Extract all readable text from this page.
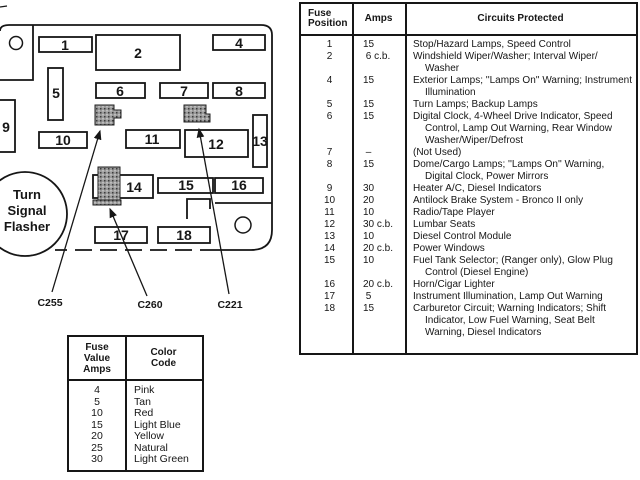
Turn
Signal
Flasher
1	2
4
5	6	7	8
9
10	11	12 13
14	15	16
17	18
C255	C260	C221
Fuse Position	Amps	Circuits Protected
1	15	Stop/Hazard Lamps, Speed Control
2	6 c.b.	Windshield Wiper/Washer; Interval Wiper/ Washer
4	15	Exterior Lamps; ''Lamps On'' Warning; Instrument Illumination
5	15	Turn Lamps; Backup Lamps
6	15	Digital Clock, 4-Wheel Drive Indicator, Speed Control, Lamp Out Warning, Rear Window Washer/Wiper/Defrost
7	–	(Not Used)
8	15	Dome/Cargo Lamps; ''Lamps On'' Warning, Digital Clock, Power Mirrors
9	30	Heater A/C, Diesel Indicators
10	20	Antilock Brake System - Bronco II only
11	10	Radio/Tape Player
12	30 c.b.	Lumbar Seats
13	10	Diesel Control Module
14	20 c.b.	Power Windows
15	10	Fuel Tank Selector; (Ranger only), Glow Plug Control (Diesel Engine)
16	20 c.b.	Horn/Cigar Lighter
17	5	Instrument Illumination, Lamp Out Warning
18	15	Carburetor Circuit; Warning Indicators; Shift Indicator, Low Fuel Warning, Seat Belt Warning, Diesel Indicators
Fuse Value Amps
Color Code
4	Pink
5	Tan
10	Red
15	Light Blue
20	Yellow
25	Natural
30	Light Green
